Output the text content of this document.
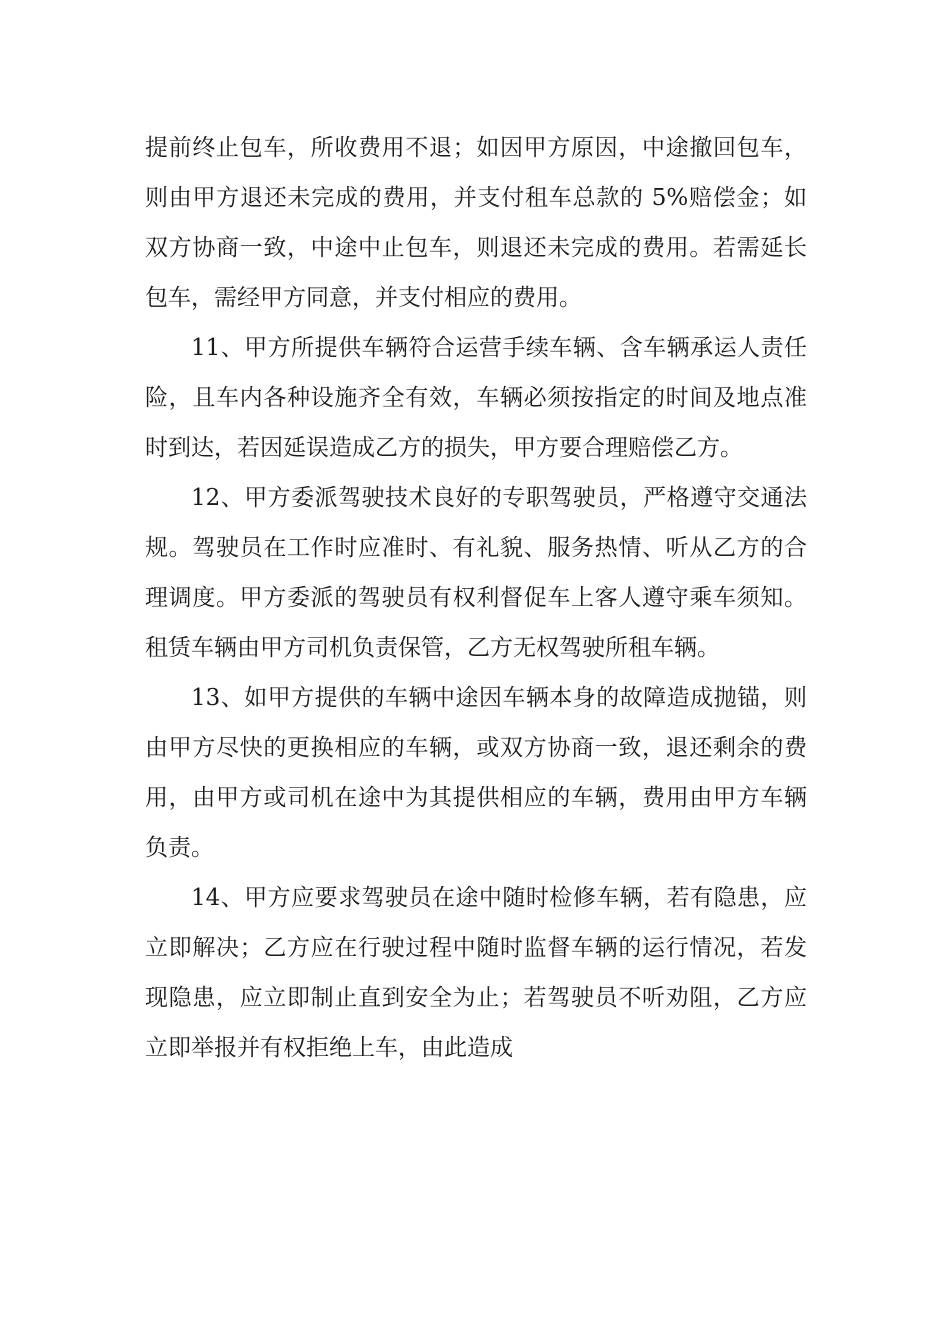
提前终止包车，所收费用不退；如因甲方原因，中途撤回包车，则由甲方退还未完成的费用，并支付租车总款的 5%赔偿金；如双方协商一致，中途中止包车，则退还未完成的费用。若需延长包车，需经甲方同意，并支付相应的费用。

11、甲方所提供车辆符合运营手续车辆、含车辆承运人责任险，且车内各种设施齐全有效，车辆必须按指定的时间及地点准时到达，若因延误造成乙方的损失，甲方要合理赔偿乙方。

12、甲方委派驾驶技术良好的专职驾驶员，严格遵守交通法规。驾驶员在工作时应准时、有礼貌、服务热情、听从乙方的合理调度。甲方委派的驾驶员有权利督促车上客人遵守乘车须知。租赁车辆由甲方司机负责保管，乙方无权驾驶所租车辆。

13、如甲方提供的车辆中途因车辆本身的故障造成抛锚，则由甲方尽快的更换相应的车辆，或双方协商一致，退还剩余的费用，由甲方或司机在途中为其提供相应的车辆，费用由甲方车辆负责。

14、甲方应要求驾驶员在途中随时检修车辆，若有隐患，应立即解决；乙方应在行驶过程中随时监督车辆的运行情况，若发现隐患，应立即制止直到安全为止；若驾驶员不听劝阻，乙方应立即举报并有权拒绝上车，由此造成
